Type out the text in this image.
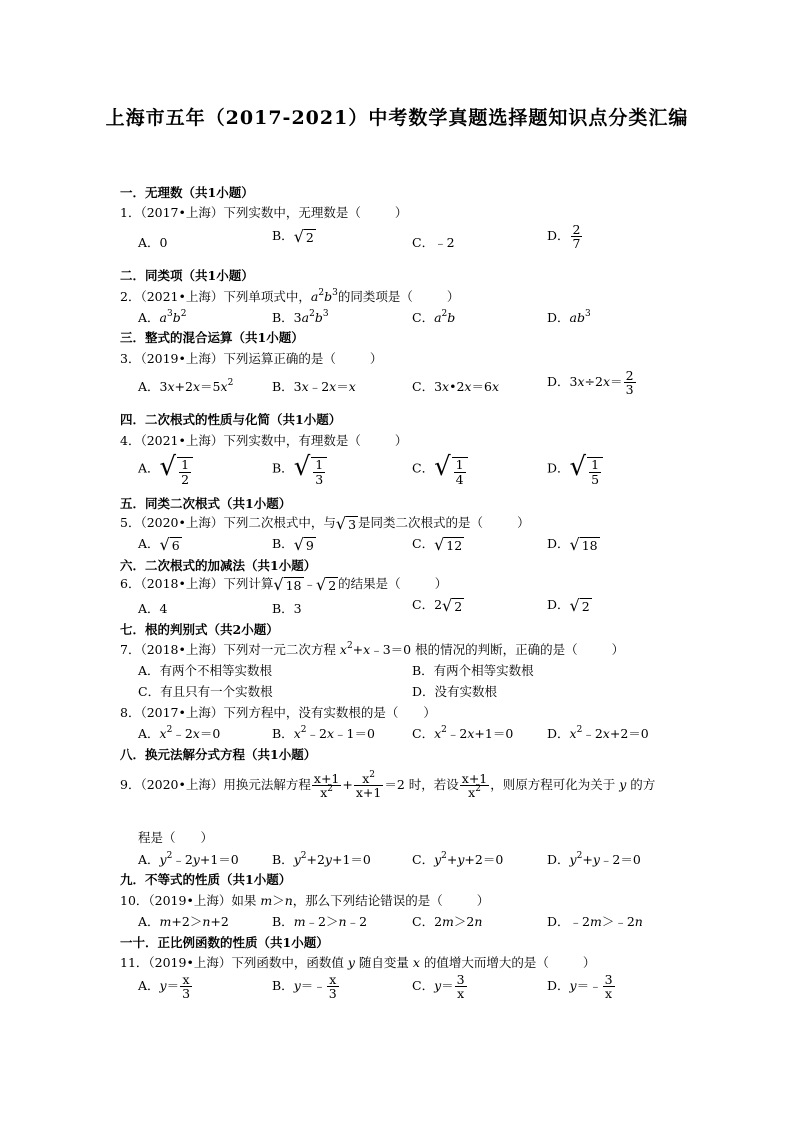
上海市五年（2017-2021）中考数学真题选择题知识点分类汇编
一．无理数（共1小题）
1．（2017•上海）下列实数中，无理数是（	）
A．0	B．√ 2	C．﹣2	D． $\frac{2}{7}$
二．同类项（共1小题）
2．（2021•上海）下列单项式中，$a^2b^3$的同类项是（	）
A．$a^3b^2$	B．$3a^2b^3$	C．$a^2b$	D．$ab^3$
三．整式的混合运算（共1小题）
3．（2019•上海）下列运算正确的是（	）
A．$3x+2x=5x^2$	B．3x﹣2x＝x	C．3x•2x＝6x	D．$3x\div 2x= \frac{2}{3}$
四．二次根式的性质与化简（共1小题）
4．（2021•上海）下列实数中，有理数是（	）
A．√ $\frac{1}{2}$	B．√ $\frac{1}{3}$	C．√ $\frac{1}{4}$	D．√ $\frac{1}{5}$
五．同类二次根式（共1小题）
5．（2020•上海）下列二次根式中，与√ 3 是同类二次根式的是（	）
A．√ 6	B．√ 9	C．√ 12	D．√ 18
六．二次根式的加减法（共1小题）
6．（2018•上海）下列计算√ 18 ﹣√ 2 的结果是（	）
A．4	B．3	C．2√ 2	D．√ 2
七．根的判别式（共2小题）
7．（2018•上海）下列对一元二次方程 $x^2+x﹣3=0$ 根的情况的判断，正确的是（	）
A．有两个不相等实数根	B．有两个相等实数根
C．有且只有一个实数根	D．没有实数根
8．（2017•上海）下列方程中，没有实数根的是（　　）
A．$x^2﹣2x=0$	B．$x^2﹣2x﹣1=0$	C．$x^2﹣2x+1=0$	D．$x^2﹣2x+2=0$
八．换元法解分式方程（共1小题）
9．（2020•上海）用换元法解方程 $\frac{x+1}{x^2} + \frac{x^2}{x+1} =2$ 时，若设 $\frac{x+1}{x^2}$ ，则原方程可化为关于 y 的方
程是（　　）
A．$y^2﹣2y+1=0$	B．$y^2+2y+1=0$	C．$y^2+y+2=0$	D．$y^2+y﹣2=0$
九．不等式的性质（共1小题）
10．（2019•上海）如果 m＞n，那么下列结论错误的是（	）
A．m+2＞n+2	B．m﹣2＞n﹣2	C．2m＞2n	D．﹣2m＞﹣2n
一十．正比例函数的性质（共1小题）
11．（2019•上海）下列函数中，函数值 y 随自变量 x 的值增大而增大的是（	）
A．$y= \frac{x}{3}$	B．y＝﹣ $\frac{x}{3}$	C．$y= \frac{3}{x}$	D．y＝﹣ $\frac{3}{x}$
